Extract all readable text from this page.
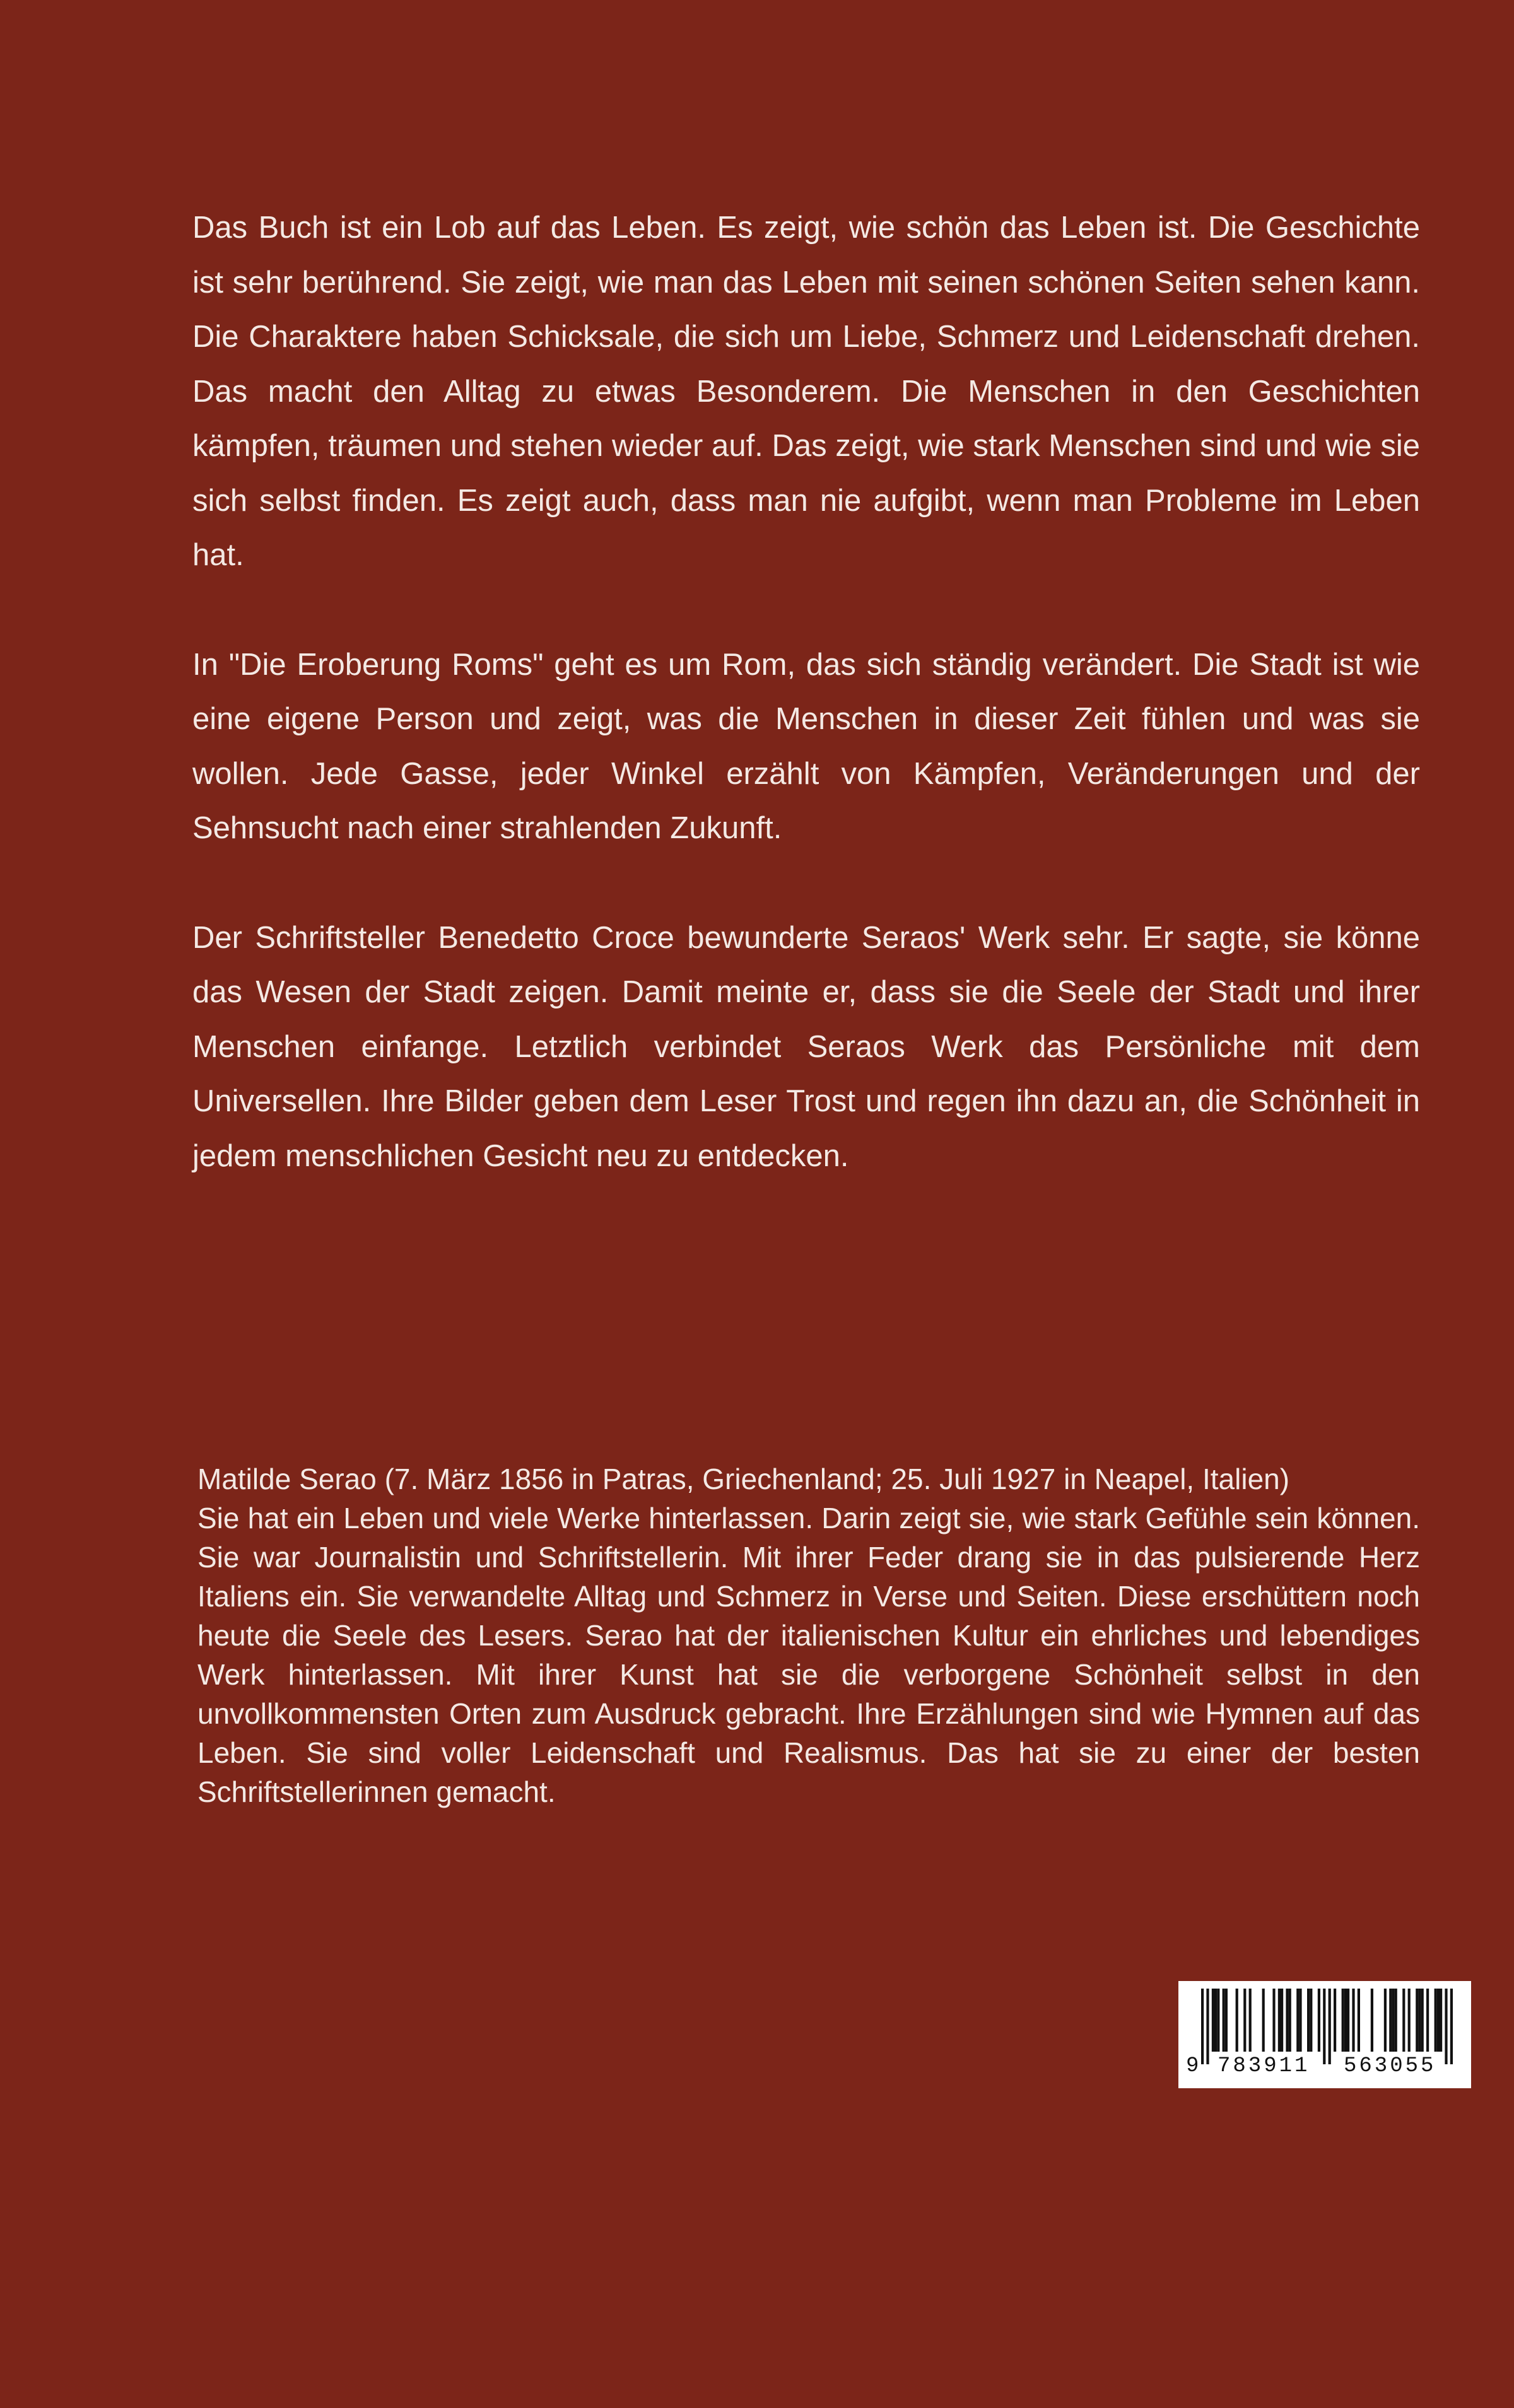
Das Buch ist ein Lob auf das Leben. Es zeigt, wie schön das Leben ist. Die Geschichte ist sehr berührend. Sie zeigt, wie man das Leben mit seinen schönen Seiten sehen kann. Die Charaktere haben Schicksale, die sich um Liebe, Schmerz und Leidenschaft drehen. Das macht den Alltag zu etwas Besonderem. Die Menschen in den Geschichten kämpfen, träumen und stehen wieder auf. Das zeigt, wie stark Menschen sind und wie sie sich selbst finden. Es zeigt auch, dass man nie aufgibt, wenn man Probleme im Leben hat.

In "Die Eroberung Roms" geht es um Rom, das sich ständig verändert. Die Stadt ist wie eine eigene Person und zeigt, was die Menschen in dieser Zeit fühlen und was sie wollen. Jede Gasse, jeder Winkel erzählt von Kämpfen, Veränderungen und der Sehnsucht nach einer strahlenden Zukunft.

Der Schriftsteller Benedetto Croce bewunderte Seraos' Werk sehr. Er sagte, sie könne das Wesen der Stadt zeigen. Damit meinte er, dass sie die Seele der Stadt und ihrer Menschen einfange. Letztlich verbindet Seraos Werk das Persönliche mit dem Universellen. Ihre Bilder geben dem Leser Trost und regen ihn dazu an, die Schönheit in jedem menschlichen Gesicht neu zu entdecken.

Matilde Serao (7. März 1856 in Patras, Griechenland; 25. Juli 1927 in Neapel, Italien)

Sie hat ein Leben und viele Werke hinterlassen. Darin zeigt sie, wie stark Gefühle sein können. Sie war Journalistin und Schriftstellerin. Mit ihrer Feder drang sie in das pulsierende Herz Italiens ein. Sie verwandelte Alltag und Schmerz in Verse und Seiten. Diese erschüttern noch heute die Seele des Lesers. Serao hat der italienischen Kultur ein ehrliches und lebendiges Werk hinterlassen. Mit ihrer Kunst hat sie die verborgene Schönheit selbst in den unvollkommensten Orten zum Ausdruck gebracht. Ihre Erzählungen sind wie Hymnen auf das Leben. Sie sind voller Leidenschaft und Realismus. Das hat sie zu einer der besten Schriftstellerinnen gemacht.

9 783911 563055
